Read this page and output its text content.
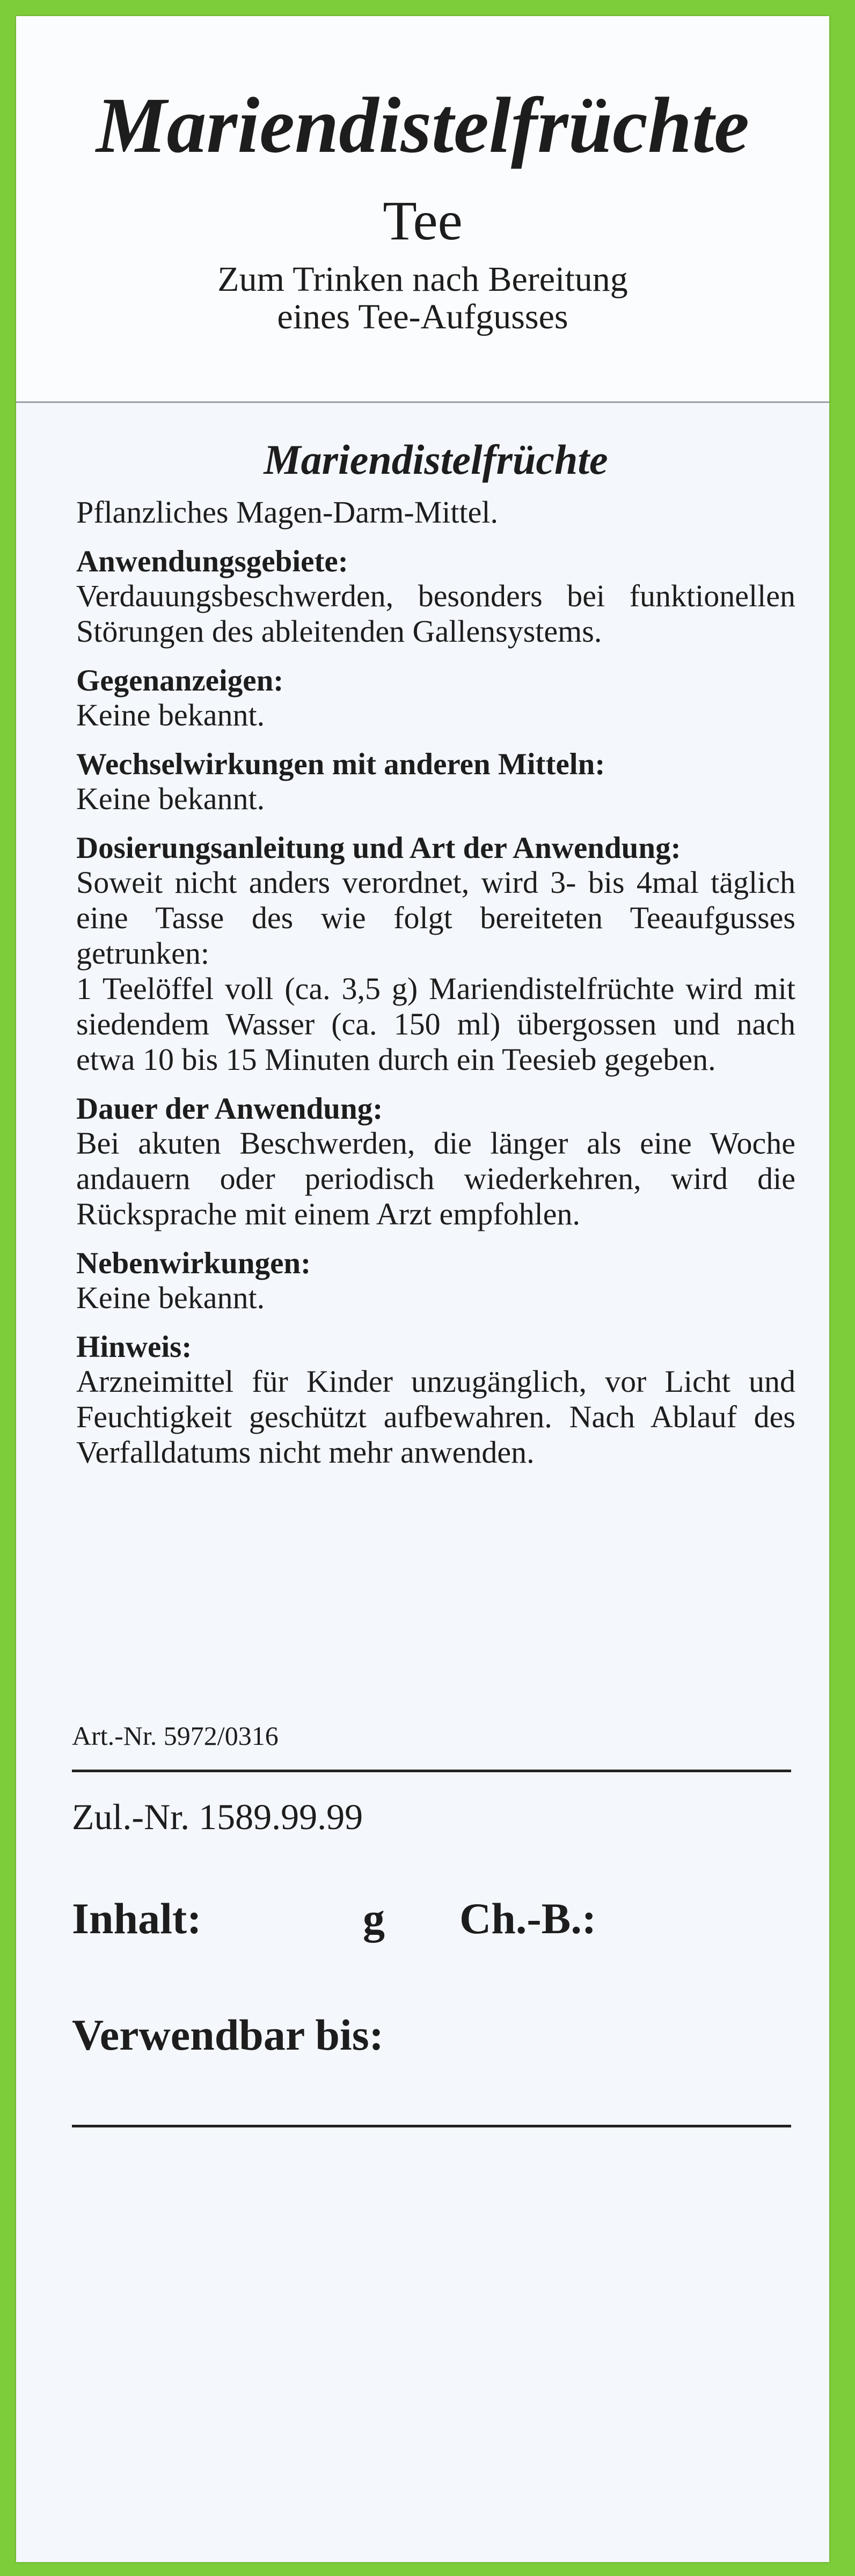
Mariendistelfrüchte
Tee
Zum Trinken nach Bereitung
eines Tee-Aufgusses
Mariendistelfrüchte
Pflanzliches Magen-Darm-Mittel.
Anwendungsgebiete:
Verdauungsbeschwerden, besonders bei funktionellen Störungen des ableitenden Gallensystems.
Gegenanzeigen:
Keine bekannt.
Wechselwirkungen mit anderen Mitteln:
Keine bekannt.
Dosierungsanleitung und Art der Anwendung:
Soweit nicht anders verordnet, wird 3- bis 4mal täglich eine Tasse des wie folgt bereiteten Teeaufgusses getrunken:
1 Teelöffel voll (ca. 3,5 g) Mariendistelfrüchte wird mit siedendem Wasser (ca. 150 ml) übergossen und nach etwa 10 bis 15 Minuten durch ein Teesieb gegeben.
Dauer der Anwendung:
Bei akuten Beschwerden, die länger als eine Woche andauern oder periodisch wiederkehren, wird die Rücksprache mit einem Arzt empfohlen.
Nebenwirkungen:
Keine bekannt.
Hinweis:
Arzneimittel für Kinder unzugänglich, vor Licht und Feuchtigkeit geschützt aufbewahren. Nach Ablauf des Verfalldatums nicht mehr anwenden.
Art.-Nr. 5972/0316
Zul.-Nr. 1589.99.99
Inhalt:	g Ch.-B.:
Verwendbar bis:
